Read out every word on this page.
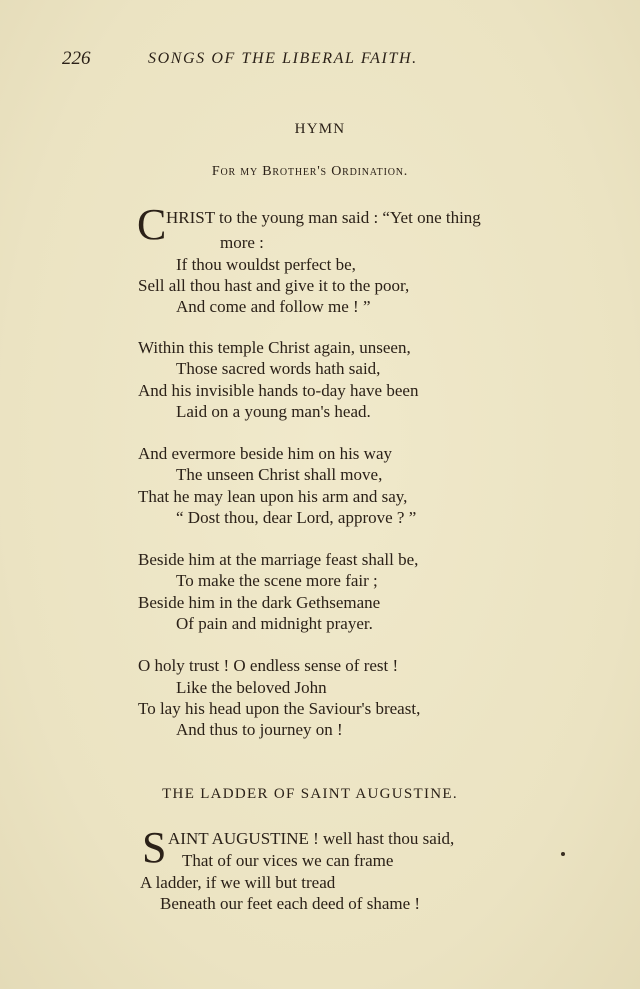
226	SONGS OF THE LIBERAL FAITH.
HYMN
For my Brother's Ordination.
C HRIST to the young man said : “Yet one thing
more :
If thou wouldst perfect be,
Sell all thou hast and give it to the poor,
And come and follow me ! ”
Within this temple Christ again, unseen,
Those sacred words hath said,
And his invisible hands to-day have been
Laid on a young man's head.
And evermore beside him on his way
The unseen Christ shall move,
That he may lean upon his arm and say,
“ Dost thou, dear Lord, approve ? ”
Beside him at the marriage feast shall be,
To make the scene more fair ;
Beside him in the dark Gethsemane
Of pain and midnight prayer.
O holy trust ! O endless sense of rest !
Like the beloved John
To lay his head upon the Saviour's breast,
And thus to journey on !
THE LADDER OF SAINT AUGUSTINE.
S AINT AUGUSTINE ! well hast thou said,
That of our vices we can frame
A ladder, if we will but tread
Beneath our feet each deed of shame !
